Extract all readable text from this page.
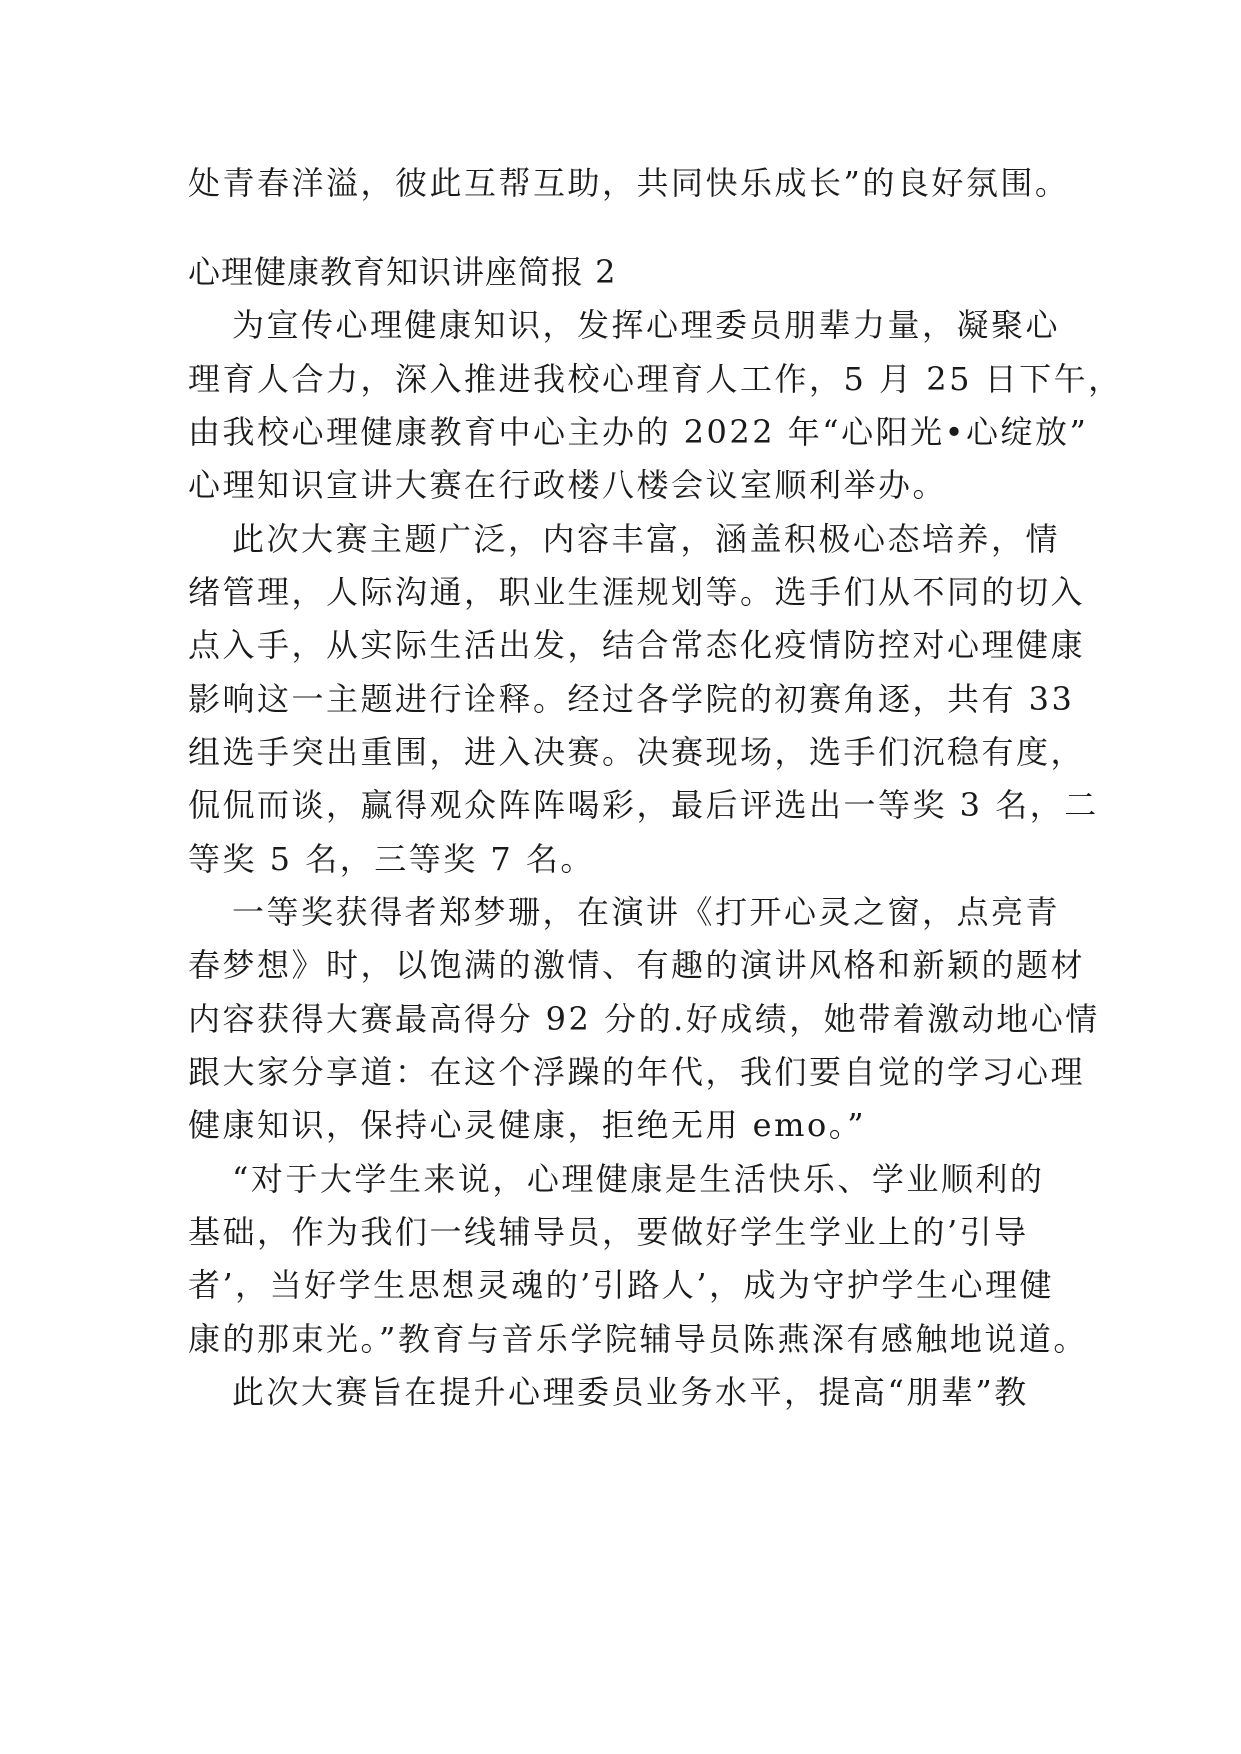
处青春洋溢，彼此互帮互助，共同快乐成长”的良好氛围。
心理健康教育知识讲座简报 2
为宣传心理健康知识，发挥心理委员朋辈力量，凝聚心
理育人合力，深入推进我校心理育人工作，5 月 25 日下午，
由我校心理健康教育中心主办的 2022 年“心阳光•心绽放”
心理知识宣讲大赛在行政楼八楼会议室顺利举办。
此次大赛主题广泛，内容丰富，涵盖积极心态培养，情
绪管理，人际沟通，职业生涯规划等。选手们从不同的切入
点入手，从实际生活出发，结合常态化疫情防控对心理健康
影响这一主题进行诠释。经过各学院的初赛角逐，共有 33
组选手突出重围，进入决赛。决赛现场，选手们沉稳有度，
侃侃而谈，赢得观众阵阵喝彩，最后评选出一等奖 3 名，二
等奖 5 名，三等奖 7 名。
一等奖获得者郑梦珊，在演讲《打开心灵之窗，点亮青
春梦想》时，以饱满的激情、有趣的演讲风格和新颖的题材
内容获得大赛最高得分 92 分的.好成绩，她带着激动地心情
跟大家分享道：在这个浮躁的年代，我们要自觉的学习心理
健康知识，保持心灵健康，拒绝无用 emo。”
“对于大学生来说，心理健康是生活快乐、学业顺利的
基础，作为我们一线辅导员，要做好学生学业上的’引导
者’，当好学生思想灵魂的’引路人’，成为守护学生心理健
康的那束光。”教育与音乐学院辅导员陈燕深有感触地说道。
此次大赛旨在提升心理委员业务水平，提高“朋辈”教
